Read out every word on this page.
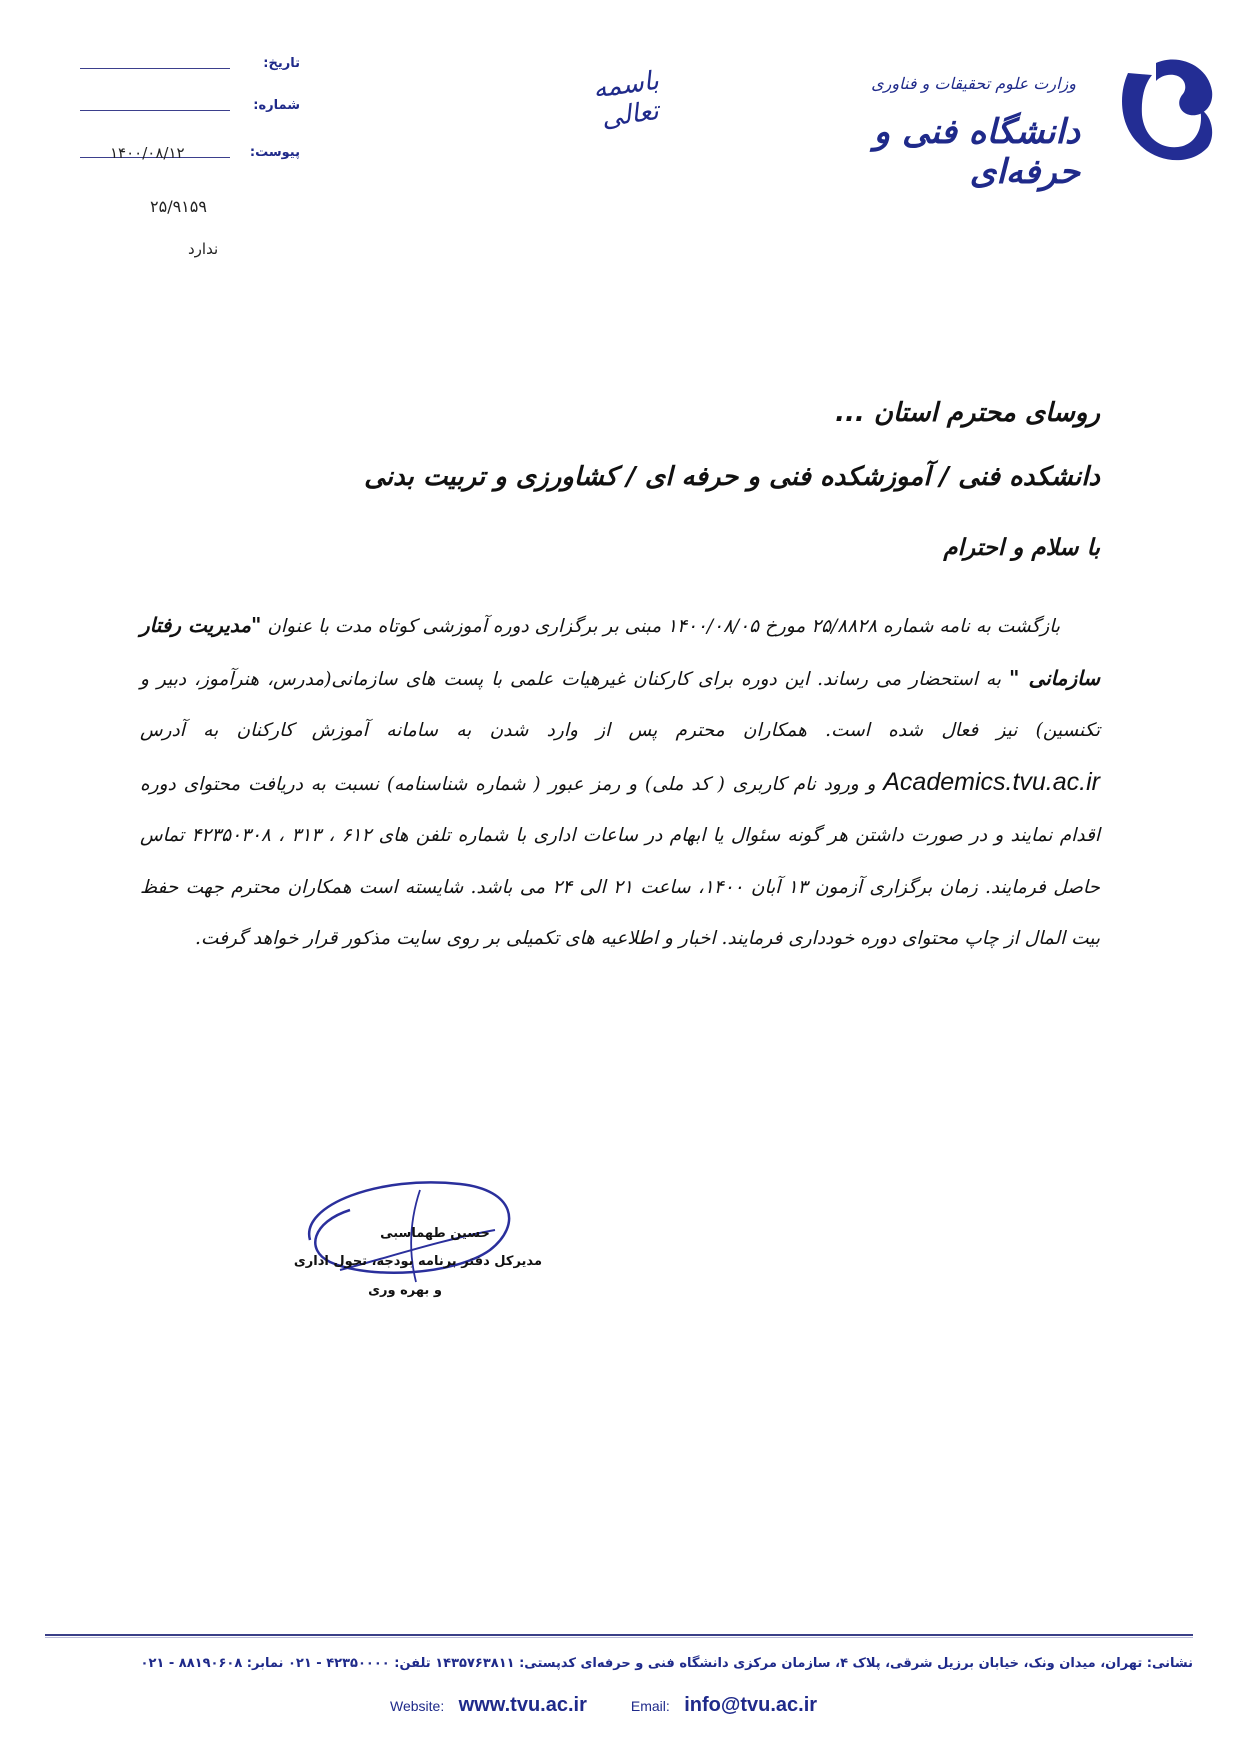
وزارت علوم تحقیقات و فناوری
دانشگاه فنی و حرفه‌ای
باسمه تعالی
تاریخ:
شماره:
پیوست:
۱۴۰۰/۰۸/۱۲
۲۵/۹۱۵۹
ندارد
روسای محترم استان ...
دانشکده فنی / آموزشکده فنی و حرفه ای / کشاورزی و تربیت بدنی
با سلام و احترام

بازگشت به نامه شماره ۲۵/۸۸۲۸ مورخ ۱۴۰۰/۰۸/۰۵ مبنی بر برگزاری دوره آموزشی کوتاه مدت با عنوان "مدیریت رفتار سازمانی " به استحضار می رساند. این دوره برای کارکنان غیرهیات علمی با پست های سازمانی(مدرس، هنرآموز، دبیر و تکنسین) نیز فعال شده است. همکاران محترم پس از وارد شدن به سامانه آموزش کارکنان به آدرس Academics.tvu.ac.ir و ورود نام کاربری ( کد ملی) و رمز عبور ( شماره شناسنامه) نسبت به دریافت محتوای دوره اقدام نمایند و در صورت داشتن هر گونه سئوال یا ابهام در ساعات اداری با شماره تلفن های ۶۱۲ ، ۳۱۳ ، ۴۲۳۵۰۳۰۸ تماس حاصل فرمایند. زمان برگزاری آزمون ۱۳ آبان ۱۴۰۰، ساعت ۲۱ الی ۲۴ می باشد. شایسته است همکاران محترم جهت حفظ بیت المال از چاپ محتوای دوره خودداری فرمایند. اخبار و اطلاعیه های تکمیلی بر روی سایت مذکور قرار خواهد گرفت.

حسین طهماسبی
مدیرکل دفتر برنامه بودجه، تحول اداری
و بهره وری
نشانی: تهران، میدان ونک، خیابان برزیل شرقی، پلاک ۴، سازمان مرکزی دانشگاه فنی و حرفه‌ای کدپستی: ۱۴۳۵۷۶۳۸۱۱ تلفن: ۴۲۳۵۰۰۰۰ - ۰۲۱ نمابر: ۸۸۱۹۰۶۰۸ - ۰۲۱
Website: www.tvu.ac.ir	Email: info@tvu.ac.ir
